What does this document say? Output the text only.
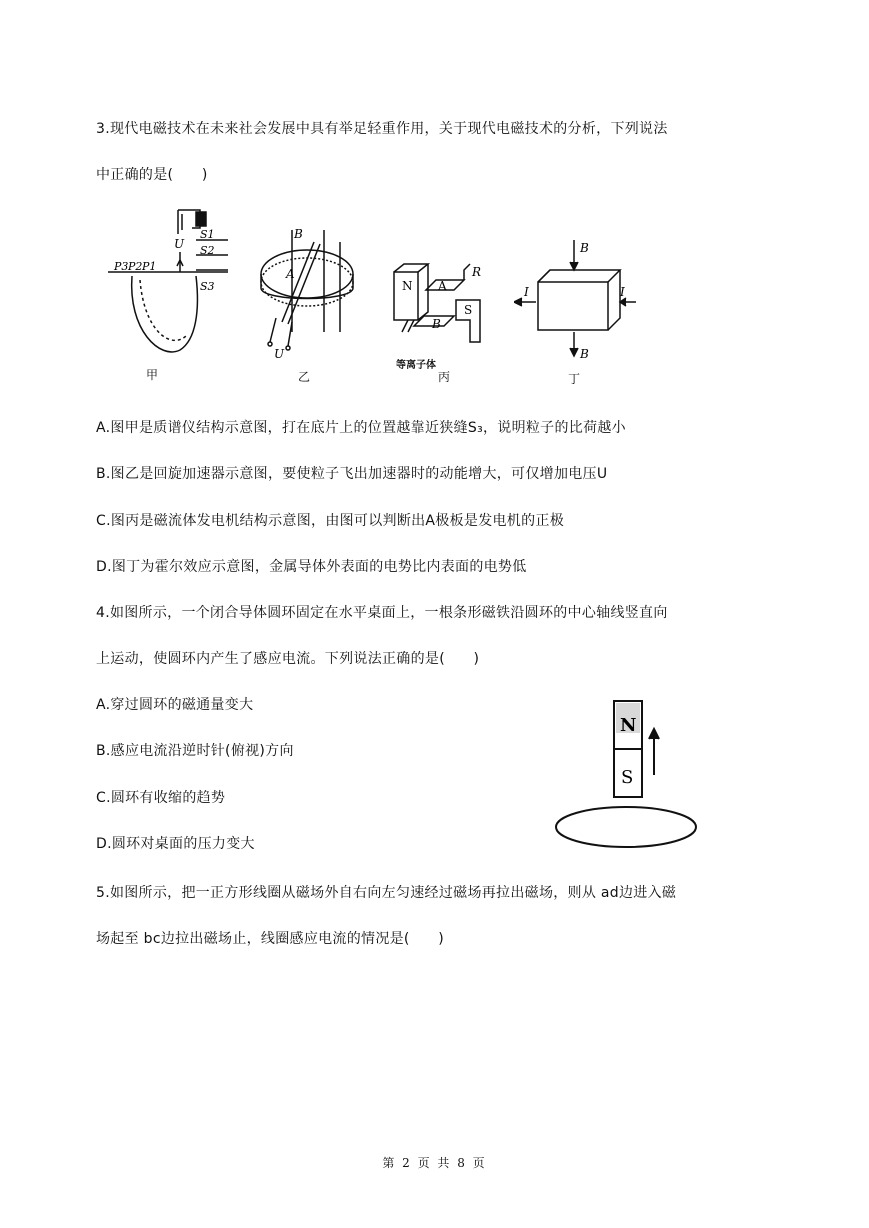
3.现代电磁技术在未来社会发展中具有举足轻重作用，关于现代电磁技术的分析，下列说法
中正确的是(　　)
U
S1
S2
S3
P3 P2 P1
甲
B
A
U
乙
N A
B
R
S
等离子体
丙
B
B
I	I
丁
A.图甲是质谱仪结构示意图，打在底片上的位置越靠近狭缝S₃，说明粒子的比荷越小
B.图乙是回旋加速器示意图，要使粒子飞出加速器时的动能增大，可仅增加电压U
C.图丙是磁流体发电机结构示意图，由图可以判断出A极板是发电机的正极
D.图丁为霍尔效应示意图，金属导体外表面的电势比内表面的电势低
4.如图所示，一个闭合导体圆环固定在水平桌面上，一根条形磁铁沿圆环的中心轴线竖直向
上运动，使圆环内产生了感应电流。下列说法正确的是(　　)
A.穿过圆环的磁通量变大
B.感应电流沿逆时针(俯视)方向
C.圆环有收缩的趋势
D.圆环对桌面的压力变大
N
S
5.如图所示，把一正方形线圈从磁场外自右向左匀速经过磁场再拉出磁场，则从 ad边进入磁
场起至 bc边拉出磁场止，线圈感应电流的情况是(　　)
第 2 页 共 8 页
